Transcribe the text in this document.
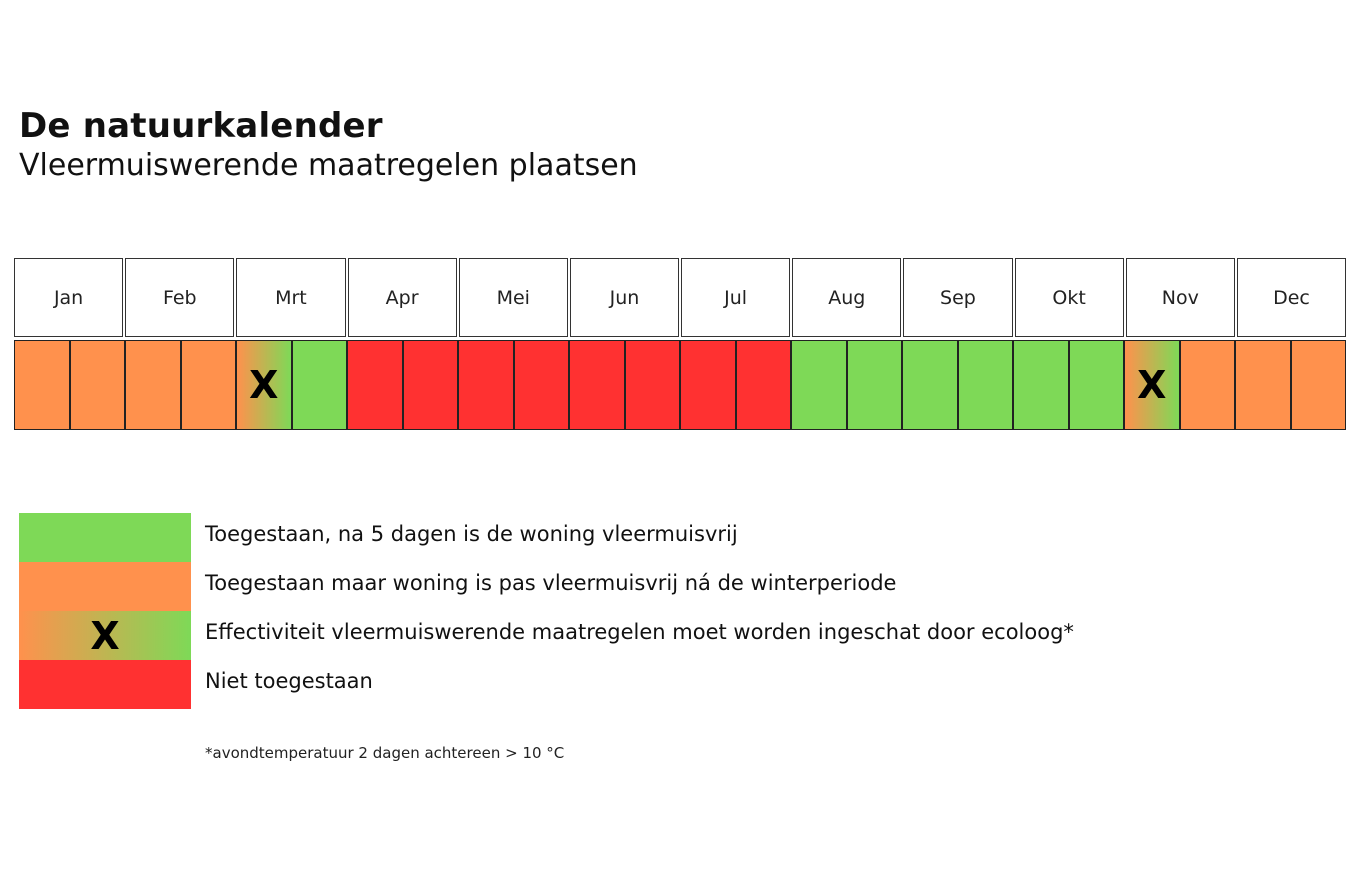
De natuurkalender
Vleermuiswerende maatregelen plaatsen
Jan	Feb	Mrt	Apr	Mei	Jun	Jul	Aug	Sep	Okt	Nov	Dec
X	X
Toegestaan, na 5 dagen is de woning vleermuisvrij
Toegestaan maar woning is pas vleermuisvrij ná de winterperiode
X	Effectiviteit vleermuiswerende maatregelen moet worden ingeschat door ecoloog*
Niet toegestaan
*avondtemperatuur 2 dagen achtereen > 10 °C
